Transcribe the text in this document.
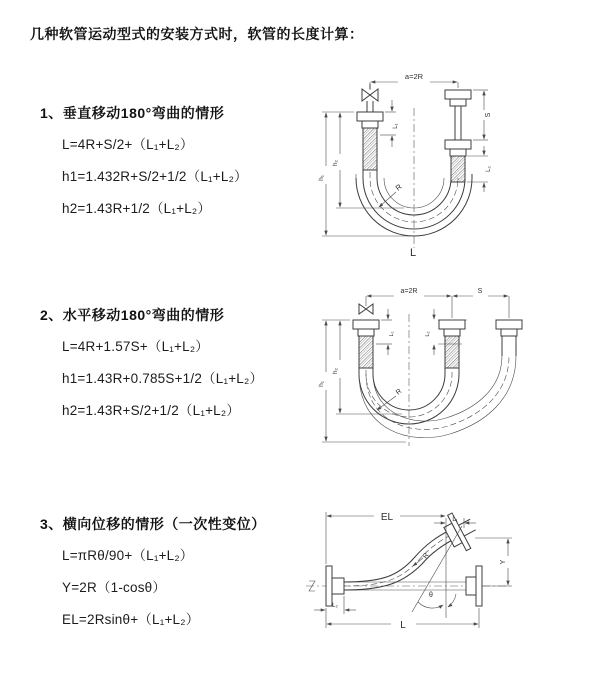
几种软管运动型式的安装方式时，软管的长度计算：
1、垂直移动180°弯曲的情形
L=4R+S/2+（L₁+L₂）
h1=1.432R+S/2+1/2（L₁+L₂）
h2=1.43R+1/2（L₁+L₂）
a=2R
R
L
h₁
h₂
L₁
S
L₂
2、水平移动180°弯曲的情形
L=4R+1.57S+（L₁+L₂）
h1=1.43R+0.785S+1/2（L₁+L₂）
h2=1.43R+S/2+1/2（L₁+L₂）
a=2R	S
R
h₁
h₂
L₁	L₂
3、横向位移的情形（一次性变位）
L=πRθ/90+（L₁+L₂）
Y=2R（1-cosθ）
EL=2Rsinθ+（L₁+L₂）
θ
R
EL	L₁
Y
L₂
L
